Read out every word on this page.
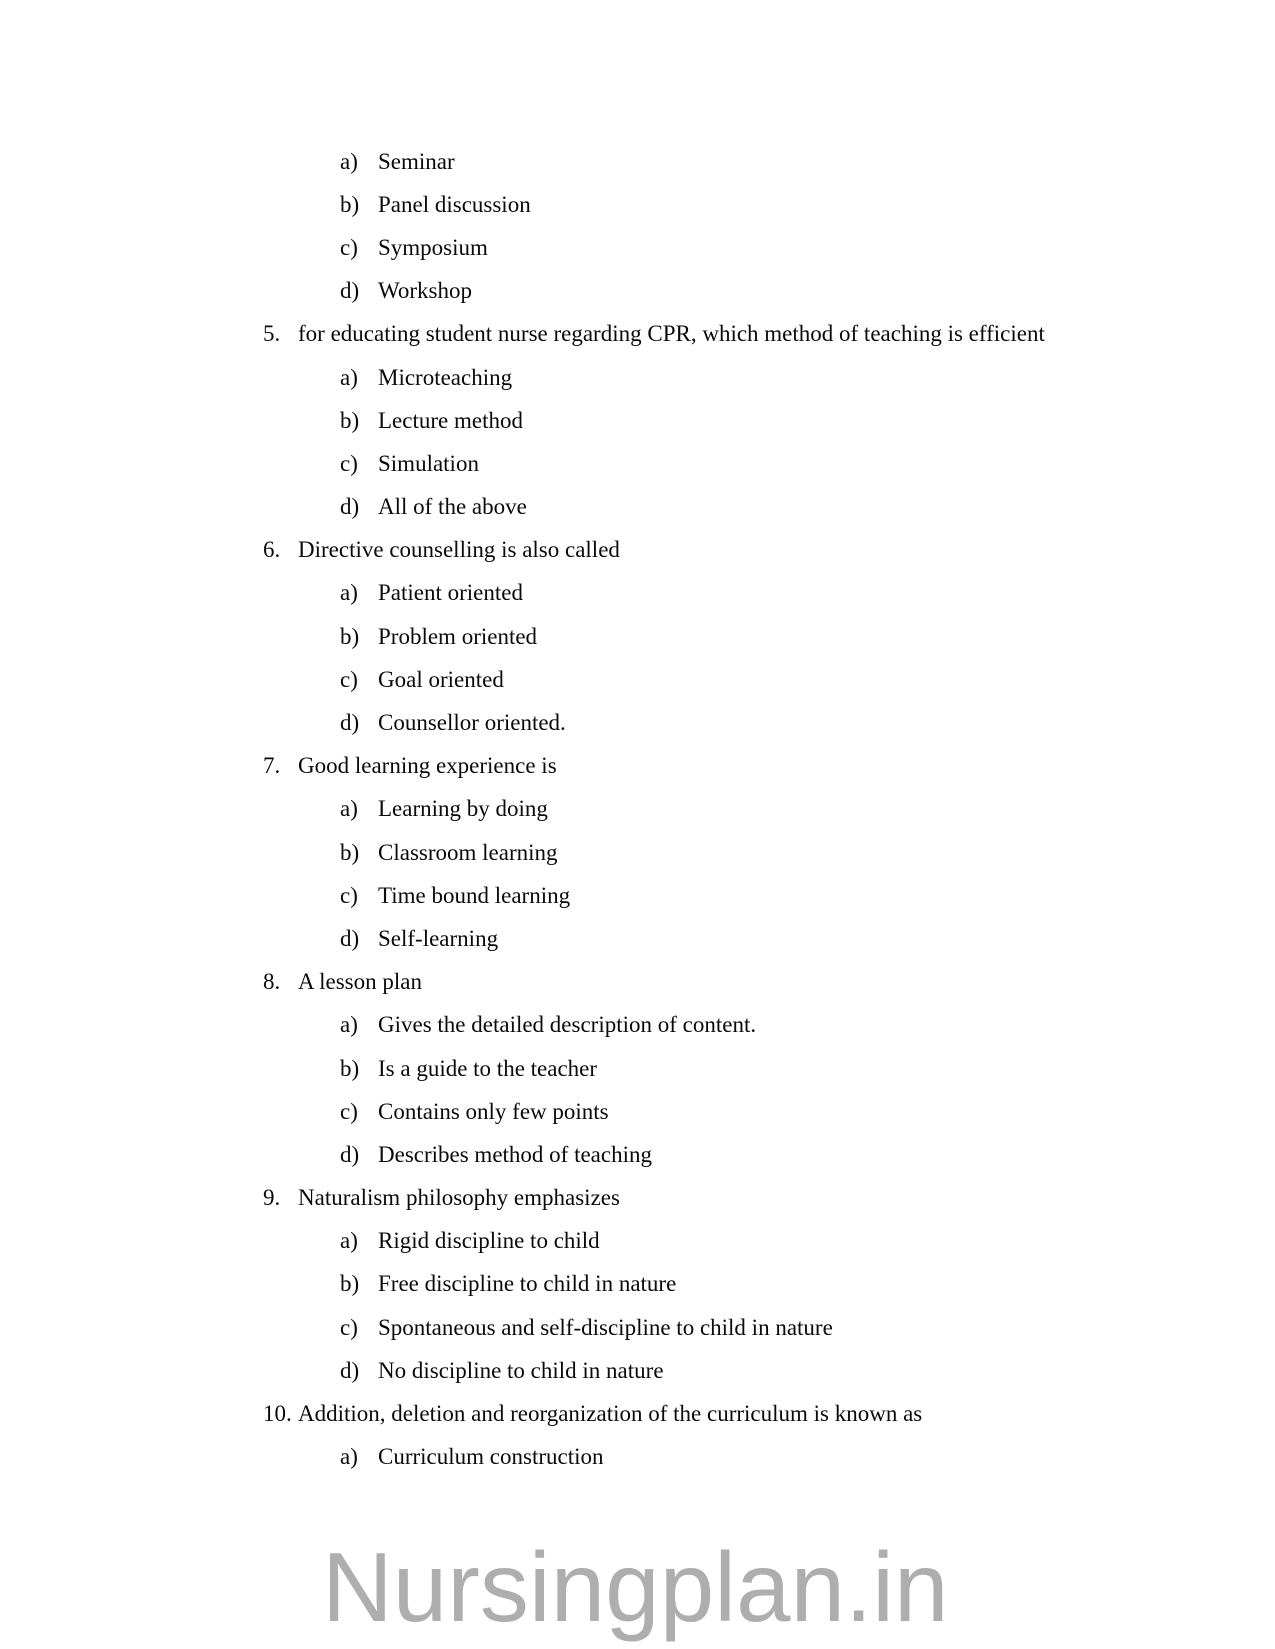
a) Seminar
b) Panel discussion
c) Symposium
d) Workshop
5. for educating student nurse regarding CPR, which method of teaching is efficient
a) Microteaching
b) Lecture method
c) Simulation
d) All of the above
6. Directive counselling is also called
a) Patient oriented
b) Problem oriented
c) Goal oriented
d) Counsellor oriented.
7. Good learning experience is
a) Learning by doing
b) Classroom learning
c) Time bound learning
d) Self-learning
8. A lesson plan
a) Gives the detailed description of content.
b) Is a guide to the teacher
c) Contains only few points
d) Describes method of teaching
9. Naturalism philosophy emphasizes
a) Rigid discipline to child
b) Free discipline to child in nature
c) Spontaneous and self-discipline to child in nature
d) No discipline to child in nature
10. Addition, deletion and reorganization of the curriculum is known as
a) Curriculum construction
Nursingplan.in
